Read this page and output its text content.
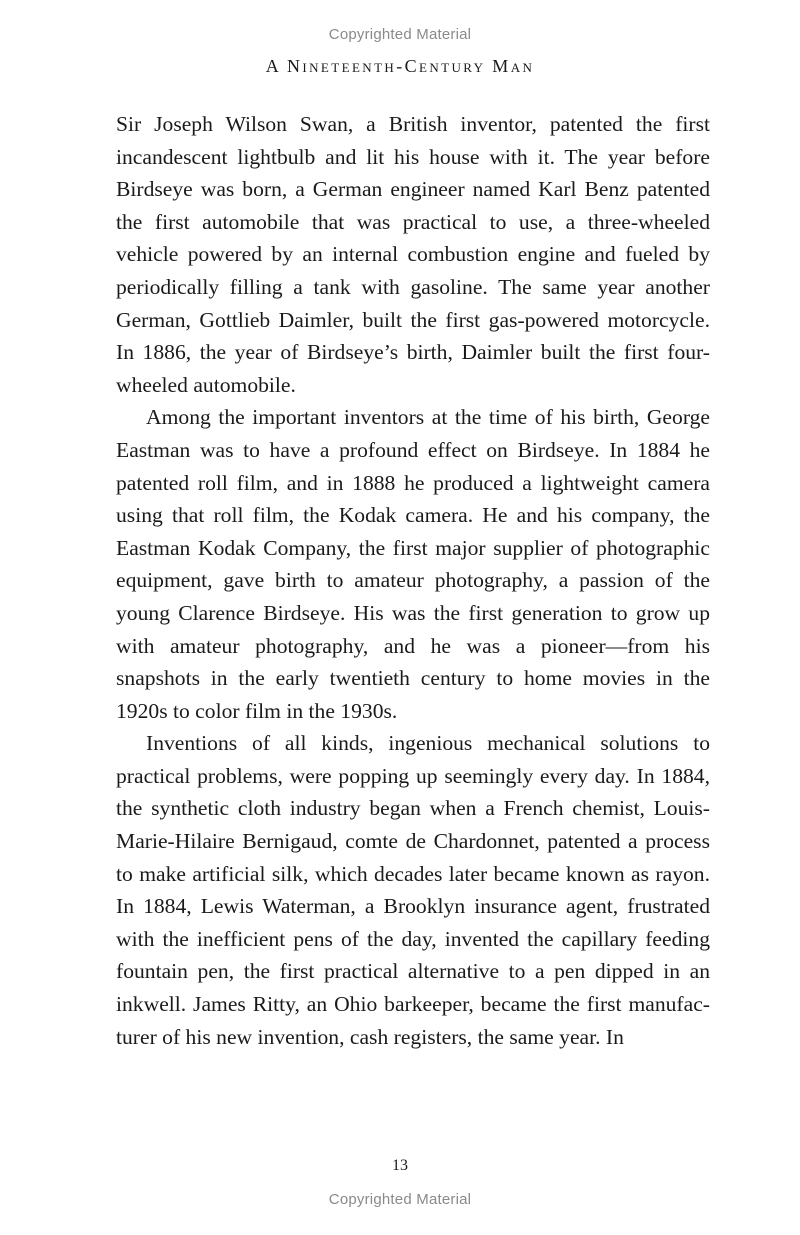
Copyrighted Material
A Nineteenth-Century Man

Sir Joseph Wilson Swan, a British inventor, patented the first incandescent lightbulb and lit his house with it. The year before Birdseye was born, a German engineer named Karl Benz patented the first automobile that was practical to use, a three-wheeled vehicle powered by an internal combustion engine and fueled by periodically filling a tank with gasoline. The same year another German, Gottlieb Daimler, built the first gas-powered motorcycle. In 1886, the year of Birdseye’s birth, Daimler built the first four-wheeled automobile.

Among the important inventors at the time of his birth, George Eastman was to have a profound effect on Birdseye. In 1884 he patented roll film, and in 1888 he produced a lightweight camera using that roll film, the Kodak camera. He and his company, the Eastman Kodak Company, the first major supplier of photographic equipment, gave birth to amateur photography, a passion of the young Clarence Birdseye. His was the first generation to grow up with amateur photography, and he was a pioneer—from his snapshots in the early twentieth century to home movies in the 1920s to color film in the 1930s.

Inventions of all kinds, ingenious mechanical solutions to practical problems, were popping up seemingly every day. In 1884, the synthetic cloth industry began when a French chemist, Louis-Marie-Hilaire Bernigaud, comte de Chardonnet, patented a process to make artificial silk, which decades later became known as rayon. In 1884, Lewis Waterman, a Brooklyn insurance agent, frustrated with the inefficient pens of the day, invented the capillary feeding fountain pen, the first practical alternative to a pen dipped in an inkwell. James Ritty, an Ohio barkeeper, became the first manufacturer of his new invention, cash registers, the same year. In

13
Copyrighted Material
